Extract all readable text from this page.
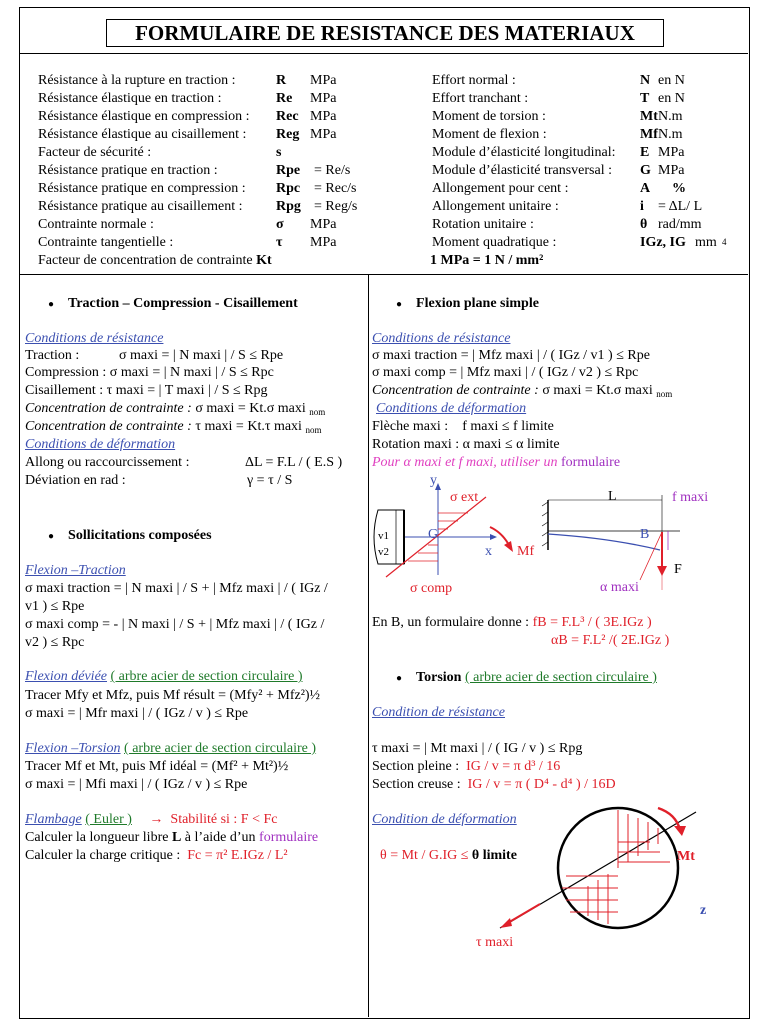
FORMULAIRE DE RESISTANCE DES MATERIAUX
Résistance à la rupture en traction :	R MPa
Résistance élastique en traction :	Re MPa
Résistance élastique en compression : Rec MPa
Résistance élastique au cisaillement : Reg MPa
Facteur de sécurité :	s
Résistance pratique en traction :	Rpe = Re/s
Résistance pratique en compression : Rpc = Rec/s
Résistance pratique au cisaillement : Rpg = Reg/s
Contrainte normale :	σ MPa
Contrainte tangentielle :	τ MPa
Facteur de concentration de contrainte Kt
Effort normal :	N en N
Effort tranchant :	T en N
Moment de torsion :	Mt N.m
Moment de flexion :	Mf N.m
Module d’élasticité longitudinal: E MPa
Module d’élasticité transversal : G MPa
Allongement pour cent :	A %
Allongement unitaire :	i = ΔL/ L
Rotation unitaire :	θ rad/mm
Moment quadratique :	IGz, IG mm 4
1 MPa = 1 N / mm²
● Traction – Compression - Cisaillement
Conditions de résistance
Traction :	σ maxi = | N maxi | / S ≤ Rpe
Compression : σ maxi = | N maxi | / S ≤ Rpc
Cisaillement : τ maxi = | T maxi | / S ≤ Rpg
Concentration de contrainte : σ maxi = Kt.σ maxi $_{nom}$
Concentration de contrainte : τ maxi = Kt.τ maxi $_{nom}$
Conditions de déformation
Allong ou raccourcissement :	ΔL = F.L / ( E.S )
Déviation en rad :	γ = τ / S
● Sollicitations composées
Flexion –Traction
σ maxi traction = | N maxi | / S + | Mfz maxi | / ( IGz /
v1 ) ≤ Rpe
σ maxi comp = - | N maxi | / S + | Mfz maxi | / ( IGz /
v2 ) ≤ Rpc
Flexion déviée ( arbre acier de section circulaire )
Tracer Mfy et Mfz, puis Mf résult = (Mfy² + Mfz²)½
σ maxi = | Mfr maxi | / ( IGz / v ) ≤ Rpe
Flexion –Torsion ( arbre acier de section circulaire )
Tracer Mf et Mt, puis Mf idéal = (Mf² + Mt²)½
σ maxi = | Mfi maxi | / ( IGz / v ) ≤ Rpe
Flambage ( Euler ) → Stabilité si : F < Fc
Calculer la longueur libre L à l’aide d’un formulaire
Calculer la charge critique : Fc = π² E.IGz / L²
● Flexion plane simple
Conditions de résistance
σ maxi traction = | Mfz maxi | / ( IGz / v1 ) ≤ Rpe
σ maxi comp = | Mfz maxi | / ( IGz / v2 ) ≤ Rpc
Concentration de contrainte : σ maxi = Kt.σ maxi $_{nom}$
Conditions de déformation
Flèche maxi : f maxi ≤ f limite
Rotation maxi : α maxi ≤ α limite
Pour α maxi et f maxi, utiliser un formulaire
y
σ ext
G
v1
v2	x Mf
σ comp
L	f maxi
B
F
α maxi
En B, un formulaire donne : fB = F.L³ / ( 3E.IGz )
αB = F.L² /( 2E.IGz )
● Torsion ( arbre acier de section circulaire )
Condition de résistance
τ maxi = | Mt maxi | / ( IG / v ) ≤ Rpg
Section pleine : IG / v = π d³ / 16
Section creuse : IG / v = π ( D⁴ - d⁴ ) / 16D
Condition de déformation
θ = Mt / G.IG ≤ θ limite	Mt
z
τ maxi
